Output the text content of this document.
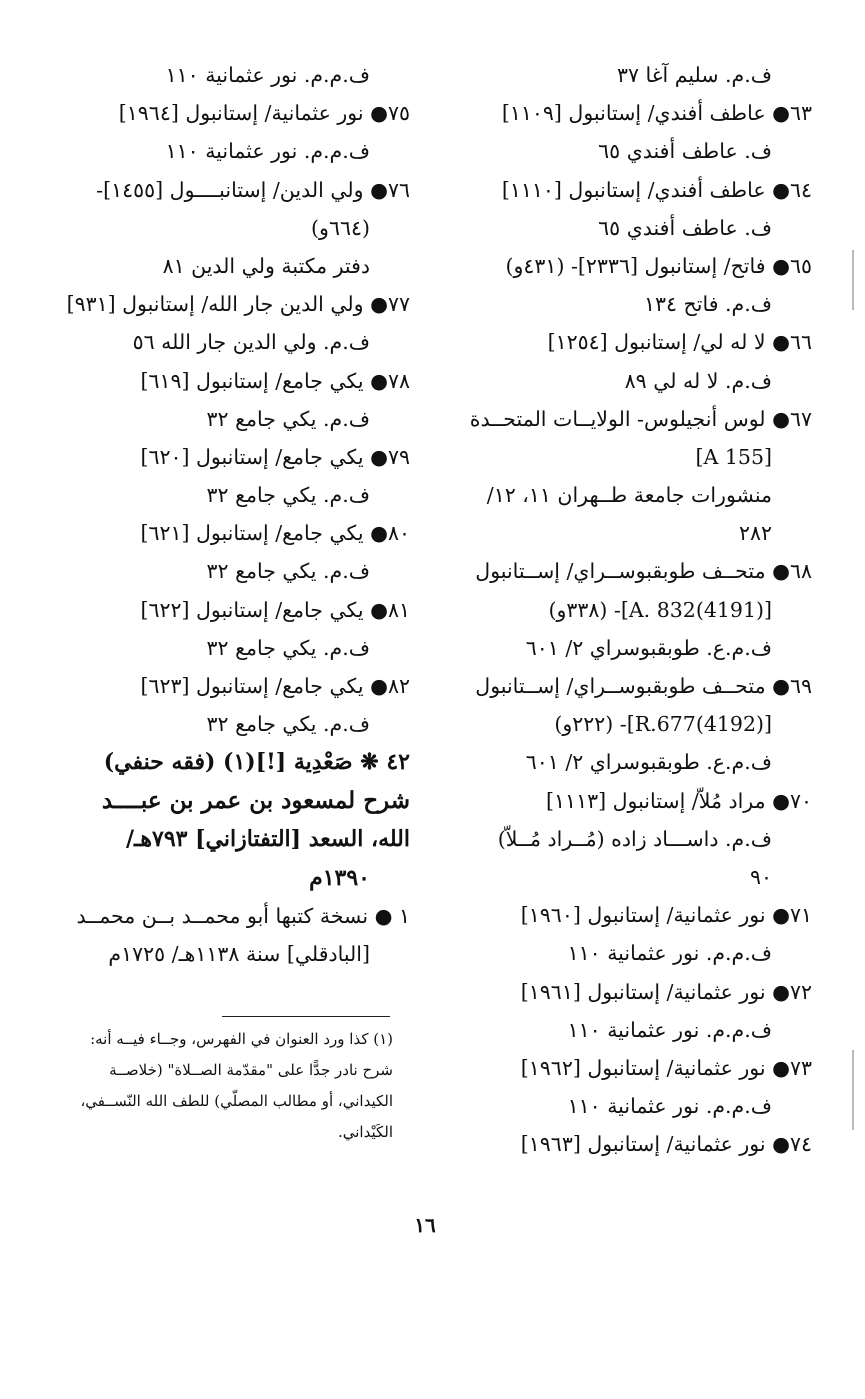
ف.م. سليم آغا ٣٧
٦٣● عاطف أفندي/ إستانبول [١١٠٩]
ف. عاطف أفندي ٦٥
٦٤● عاطف أفندي/ إستانبول [١١١٠]
ف. عاطف أفندي ٦٥
٦٥● فاتح/ إستانبول [٢٣٣٦]- (٤٣١و)
ف.م. فاتح ١٣٤
٦٦● لا له لي/ إستانبول [١٢٥٤]
ف.م. لا له لي ٨٩
٦٧● لوس أنجيلوس- الولايــات المتحــدة
[A 155]
منشورات جامعة طــهران ١١، ١٢/
٢٨٢
٦٨● متحــف طوبقبوســراي/ إســتانبول
[A. 832(4191)]- (٣٣٨و)
ف.م.ع. طوبقبوسراي ٢/ ٦٠١
٦٩● متحــف طوبقبوســراي/ إســتانبول
[R.677(4192)]- (٢٢٢و)
ف.م.ع. طوبقبوسراي ٢/ ٦٠١
٧٠● مراد مُلاّ/ إستانبول [١١١٣]
ف.م. داســـاد زاده (مُــراد مُــلاّ)
٩٠
٧١● نور عثمانية/ إستانبول [١٩٦٠]
ف.م.م. نور عثمانية ١١٠
٧٢● نور عثمانية/ إستانبول [١٩٦١]
ف.م.م. نور عثمانية ١١٠
٧٣● نور عثمانية/ إستانبول [١٩٦٢]
ف.م.م. نور عثمانية ١١٠
٧٤● نور عثمانية/ إستانبول [١٩٦٣]
ف.م.م. نور عثمانية ١١٠
٧٥● نور عثمانية/ إستانبول [١٩٦٤]
ف.م.م. نور عثمانية ١١٠
٧٦● ولي الدين/ إستانبــــول [١٤٥٥]-
(٦٦٤و)
دفتر مكتبة ولي الدين ٨١
٧٧● ولي الدين جار الله/ إستانبول [٩٣١]
ف.م. ولي الدين جار الله ٥٦
٧٨● يكي جامع/ إستانبول [٦١٩]
ف.م. يكي جامع ٣٢
٧٩● يكي جامع/ إستانبول [٦٢٠]
ف.م. يكي جامع ٣٢
٨٠● يكي جامع/ إستانبول [٦٢١]
ف.م. يكي جامع ٣٢
٨١● يكي جامع/ إستانبول [٦٢٢]
ف.م. يكي جامع ٣٢
٨٢● يكي جامع/ إستانبول [٦٢٣]
ف.م. يكي جامع ٣٢
٤٢ ❋ صَعْدِية [!](١) (فقه حنفي)
شرح لمسعود بن عمر بن عبــــد
الله، السعد [التفتازاني] ٧٩٣هـ/
١٣٩٠م
١ ● نسخة كتبها أبو محمــد بــن محمــد
[البادقلي] سنة ١١٣٨هـ/ ١٧٢٥م
(١) كذا ورد العنوان في الفهرس، وجــاء فيــه أنه:
شرح نادر جدًّا على "مقدّمة الصــلاة" (خلاصــة
الكيداني، أو مطالب المصلّي) للطف الله النّســفي،
الكَيْداني.
١٦
